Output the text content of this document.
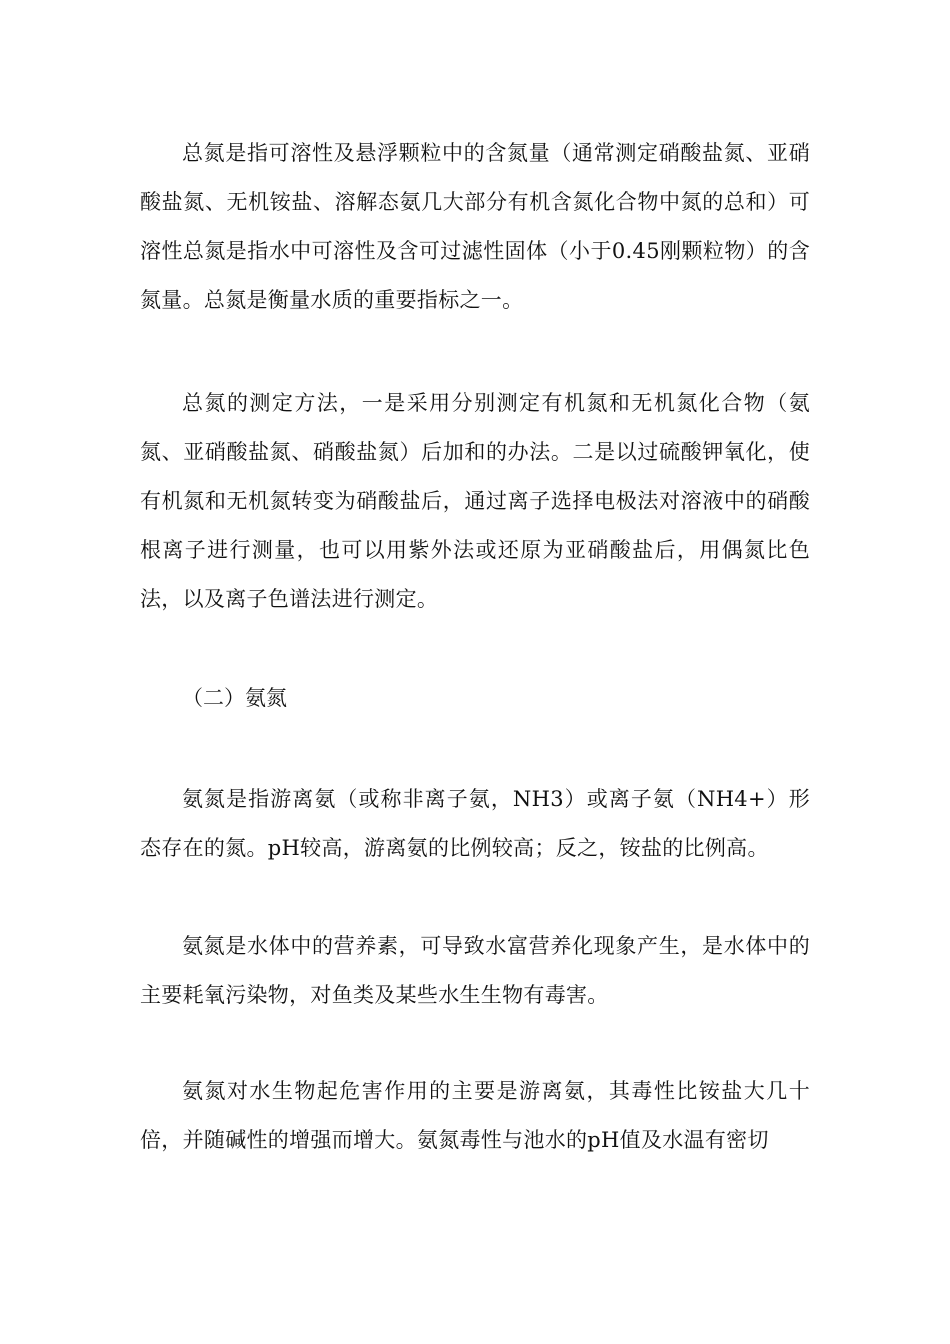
总氮是指可溶性及悬浮颗粒中的含氮量（通常测定硝酸盐氮、亚硝酸盐氮、无机铵盐、溶解态氨几大部分有机含氮化合物中氮的总和）可溶性总氮是指水中可溶性及含可过滤性固体（小于0.45刚颗粒物）的含氮量。总氮是衡量水质的重要指标之一。

总氮的测定方法，一是采用分别测定有机氮和无机氮化合物（氨氮、亚硝酸盐氮、硝酸盐氮）后加和的办法。二是以过硫酸钾氧化，使有机氮和无机氮转变为硝酸盐后，通过离子选择电极法对溶液中的硝酸根离子进行测量，也可以用紫外法或还原为亚硝酸盐后，用偶氮比色法，以及离子色谱法进行测定。

（二）氨氮

氨氮是指游离氨（或称非离子氨，NH3）或离子氨（NH4+）形态存在的氮。pH较高，游离氨的比例较高；反之，铵盐的比例高。

氨氮是水体中的营养素，可导致水富营养化现象产生，是水体中的主要耗氧污染物，对鱼类及某些水生生物有毒害。

氨氮对水生物起危害作用的主要是游离氨，其毒性比铵盐大几十倍，并随碱性的增强而增大。氨氮毒性与池水的pH值及水温有密切
